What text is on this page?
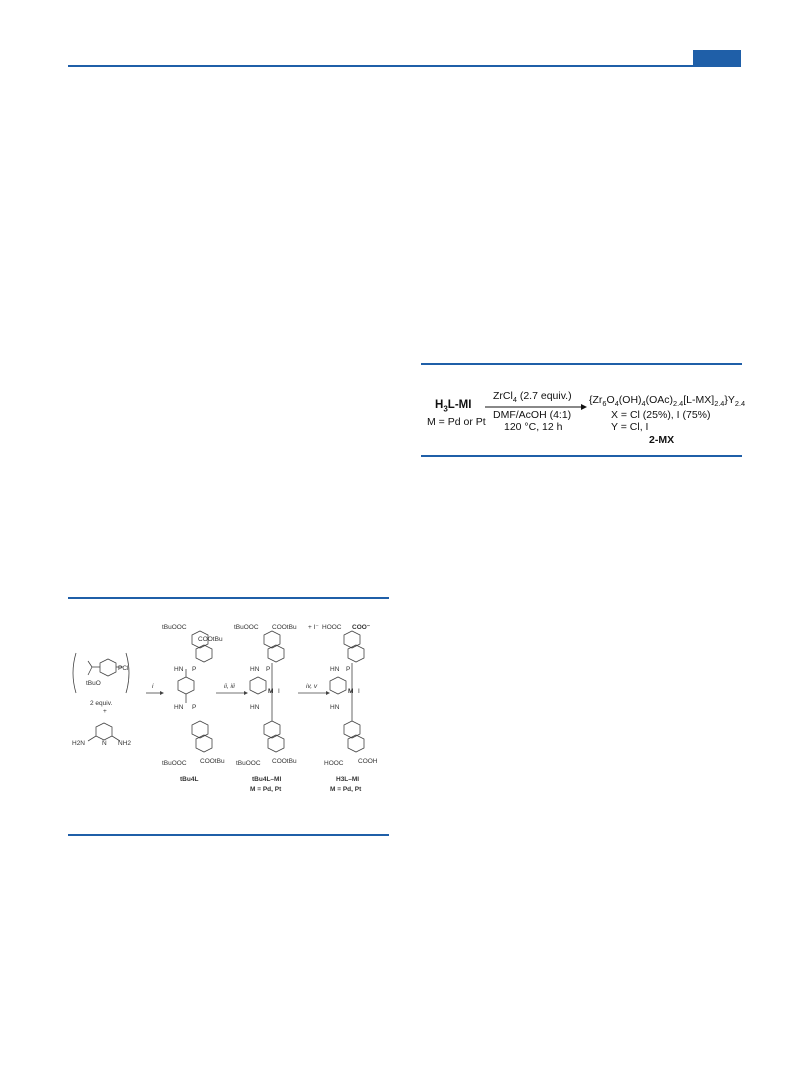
$H_3L-MI$
M = Pd or Pt
ZrCl$_4$ (2.7 equiv.)
DMF/AcOH (4:1)
120 °C, 12 h
$\{Zr_6O_4(OH)_4(OAc)_{2.4}[L-MX]_{2.4}\}Y_{2.4}$
X = Cl (25%), I (75%)
Y = Cl, I
2-MX
tBuO
PCl
2 equiv.
+
H2N	NH2
N
i	ii, iii	iv, v
tBuOOC
COOtBu
HN P
HN P
tBuOOC COOtBu
tBu4L
tBuOOC COOtBu + I⁻
HN P
M I
HN
tBuOOC COOtBu
tBu4L–MI
M = Pd, Pt
HOOC COO⁻
HN P
M I
HN
HOOC COOH
H3L–MI
M = Pd, Pt
